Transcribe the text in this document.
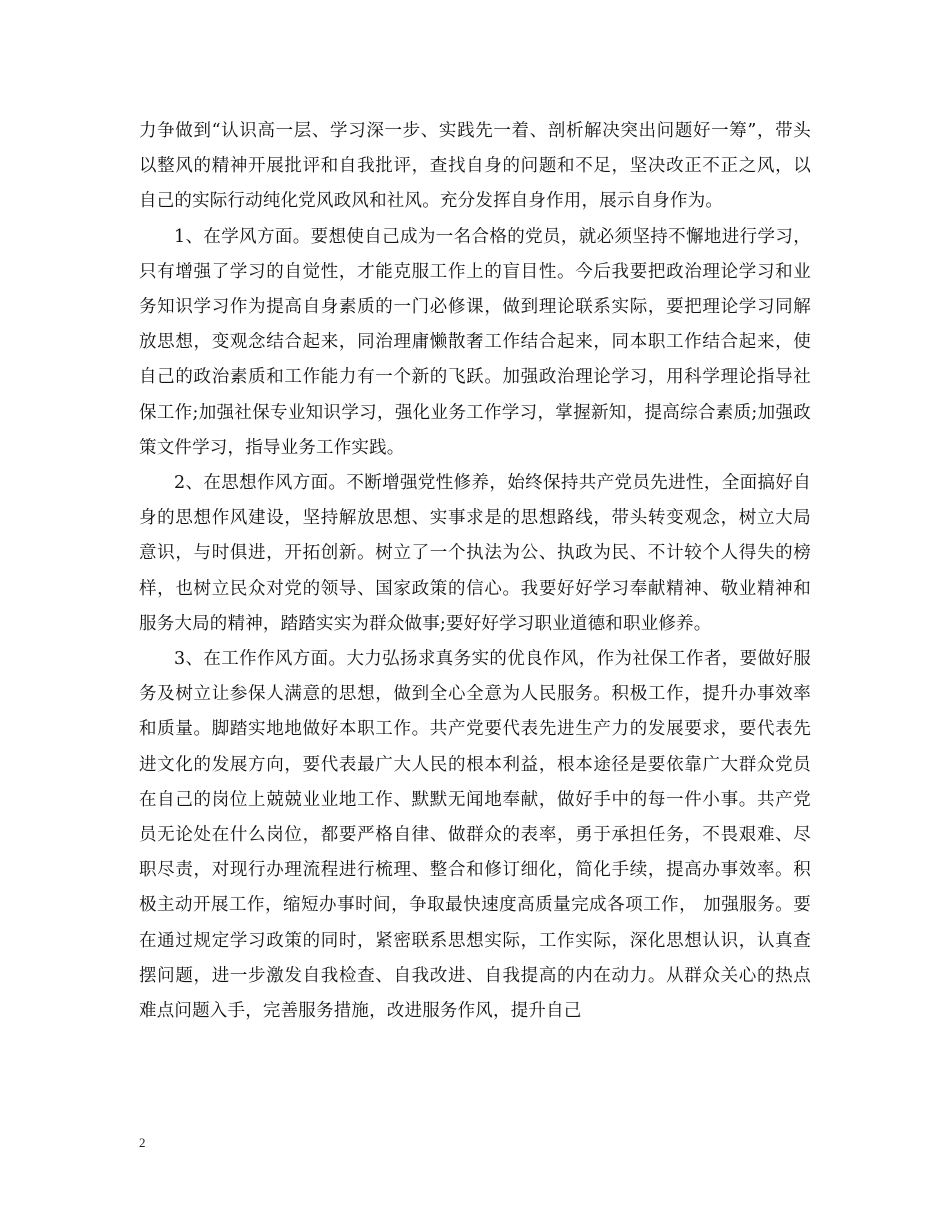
力争做到“认识高一层、学习深一步、实践先一着、剖析解决突出问题好一筹”，带头以整风的精神开展批评和自我批评，查找自身的问题和不足，坚决改正不正之风，以自己的实际行动纯化党风政风和社风。充分发挥自身作用，展示自身作为。

1、在学风方面。要想使自己成为一名合格的党员，就必须坚持不懈地进行学习，只有增强了学习的自觉性，才能克服工作上的盲目性。今后我要把政治理论学习和业务知识学习作为提高自身素质的一门必修课，做到理论联系实际，要把理论学习同解放思想，变观念结合起来，同治理庸懒散奢工作结合起来，同本职工作结合起来，使自己的政治素质和工作能力有一个新的飞跃。加强政治理论学习，用科学理论指导社保工作;加强社保专业知识学习，强化业务工作学习，掌握新知，提高综合素质;加强政策文件学习，指导业务工作实践。

2、在思想作风方面。不断增强党性修养，始终保持共产党员先进性，全面搞好自身的思想作风建设，坚持解放思想、实事求是的思想路线，带头转变观念，树立大局意识，与时俱进，开拓创新。树立了一个执法为公、执政为民、不计较个人得失的榜样，也树立民众对党的领导、国家政策的信心。我要好好学习奉献精神、敬业精神和服务大局的精神，踏踏实实为群众做事;要好好学习职业道德和职业修养。

3、在工作作风方面。大力弘扬求真务实的优良作风，作为社保工作者，要做好服务及树立让参保人满意的思想，做到全心全意为人民服务。积极工作，提升办事效率和质量。脚踏实地地做好本职工作。共产党要代表先进生产力的发展要求，要代表先进文化的发展方向，要代表最广大人民的根本利益，根本途径是要依靠广大群众党员在自己的岗位上兢兢业业地工作、默默无闻地奉献，做好手中的每一件小事。共产党员无论处在什么岗位，都要严格自律、做群众的表率，勇于承担任务，不畏艰难、尽职尽责，对现行办理流程进行梳理、整合和修订细化，简化手续，提高办事效率。积极主动开展工作，缩短办事时间，争取最快速度高质量完成各项工作， 加强服务。要在通过规定学习政策的同时，紧密联系思想实际，工作实际，深化思想认识，认真查摆问题，进一步激发自我检查、自我改进、自我提高的内在动力。从群众关心的热点难点问题入手，完善服务措施，改进服务作风，提升自己

2
